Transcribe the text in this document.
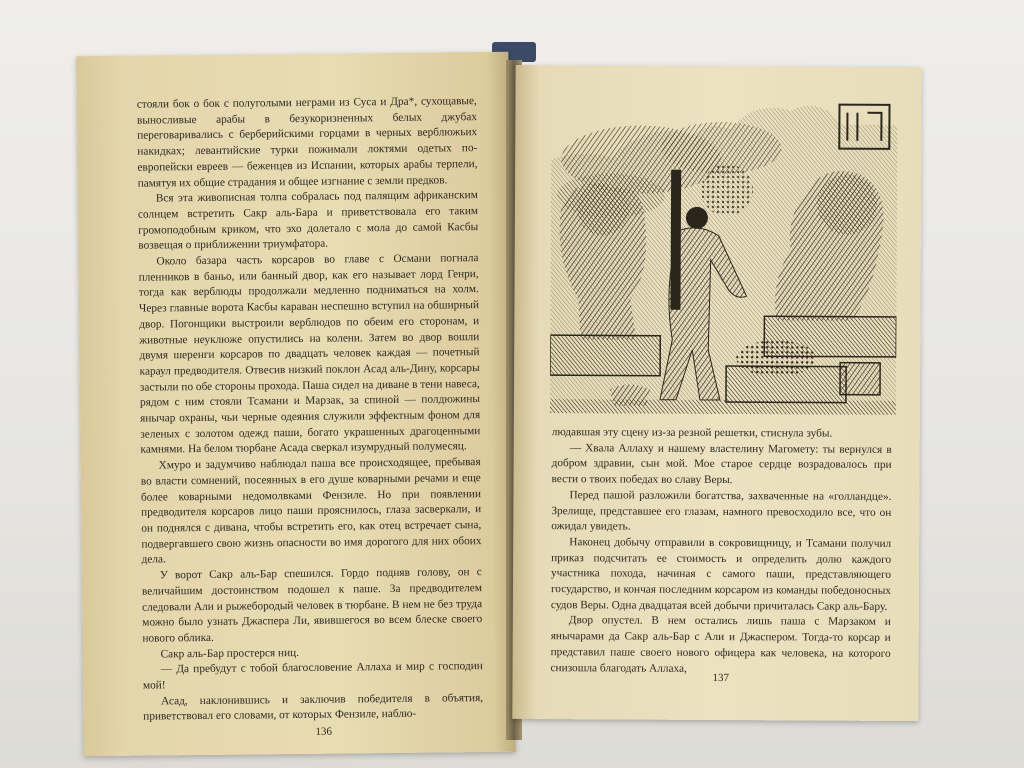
стояли бок о бок с полуголыми неграми из Суса и Дра*, сухощавые, выносливые арабы в безукоризненных белых джубах переговаривались с берберийскими горцами в черных верблюжьих накидках; левантийские турки пожимали локтями одетых по-европейски евреев — беженцев из Испании, которых арабы терпели, памятуя их общие страдания и общее изгнание с земли предков.

Вся эта живописная толпа собралась под палящим африканским солнцем встретить Сакр аль-Бара и приветствовала его таким громоподобным криком, что эхо долетало с мола до самой Касбы возвещая о приближении триумфатора.

Около базара часть корсаров во главе с Османи погнала пленников в баньо, или банный двор, как его называет лорд Генри, тогда как верблюды продолжали медленно подниматься на холм. Через главные ворота Касбы караван неспешно вступил на обширный двор. Погонщики выстроили верблюдов по обеим его сторонам, и животные неуклюже опустились на колени. Затем во двор вошли двумя шеренги корсаров по двадцать человек каждая — почетный караул предводителя. Отвесив низкий поклон Асад аль-Дину, корсары застыли по обе стороны прохода. Паша сидел на диване в тени навеса, рядом с ним стояли Тсамани и Марзак, за спиной — полдюжины янычар охраны, чьи черные одеяния служили эффектным фоном для зеленых с золотом одежд паши, богато украшенных драгоценными камнями. На белом тюрбане Асада сверкал изумрудный полумесяц.

Хмуро и задумчиво наблюдал паша все происходящее, пребывая во власти сомнений, посеянных в его душе коварными речами и еще более коварными недомолвками Фензиле. Но при появлении предводителя корсаров лицо паши прояснилось, глаза засверкали, и он поднялся с дивана, чтобы встретить его, как отец встречает сына, подвергавшего свою жизнь опасности во имя дорогого для них обоих дела.

У ворот Сакр аль-Бар спешился. Гордо подняв голову, он с величайшим достоинством подошел к паше. За предводителем следовали Али и рыжебородый человек в тюрбане. В нем не без труда можно было узнать Джаспера Ли, явившегося во всем блеске своего нового облика.

Сакр аль-Бар простерся ниц.

— Да пребудут с тобой благословение Аллаха и мир с господин мой!

Асад, наклонившись и заключив победителя в объятия, приветствовал его словами, от которых Фензиле, наблю-

136

людавшая эту сцену из-за резной решетки, стиснула зубы.

— Хвала Аллаху и нашему властелину Магомету: ты вернулся в добром здравии, сын мой. Мое старое сердце возрадовалось при вести о твоих победах во славу Веры.

Перед пашой разложили богатства, захваченные на «голландце». Зрелище, представшее его глазам, намного превосходило все, что он ожидал увидеть.

Наконец добычу отправили в сокровищницу, и Тсамани получил приказ подсчитать ее стоимость и определить долю каждого участника похода, начиная с самого паши, представляющего государство, и кончая последним корсаром из команды победоносных судов Веры. Одна двадцатая всей добычи причиталась Сакр аль-Бару.

Двор опустел. В нем остались лишь паша с Марзаком и янычарами да Сакр аль-Бар с Али и Джаспером. Тогда-то корсар и представил паше своего нового офицера как человека, на которого снизошла благодать Аллаха,

137
